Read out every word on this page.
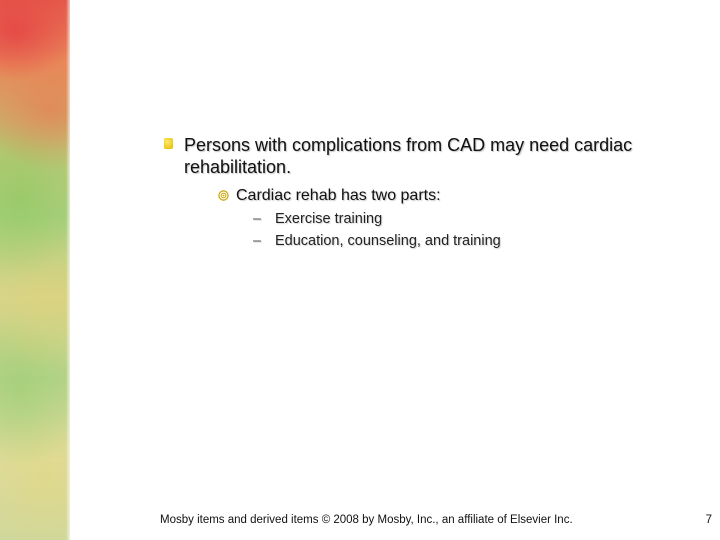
Persons with complications from CAD may need cardiac rehabilitation.
Cardiac rehab has two parts:
– Exercise training
– Education, counseling, and training
Mosby items and derived items © 2008 by Mosby, Inc., an affiliate of Elsevier Inc.	7
